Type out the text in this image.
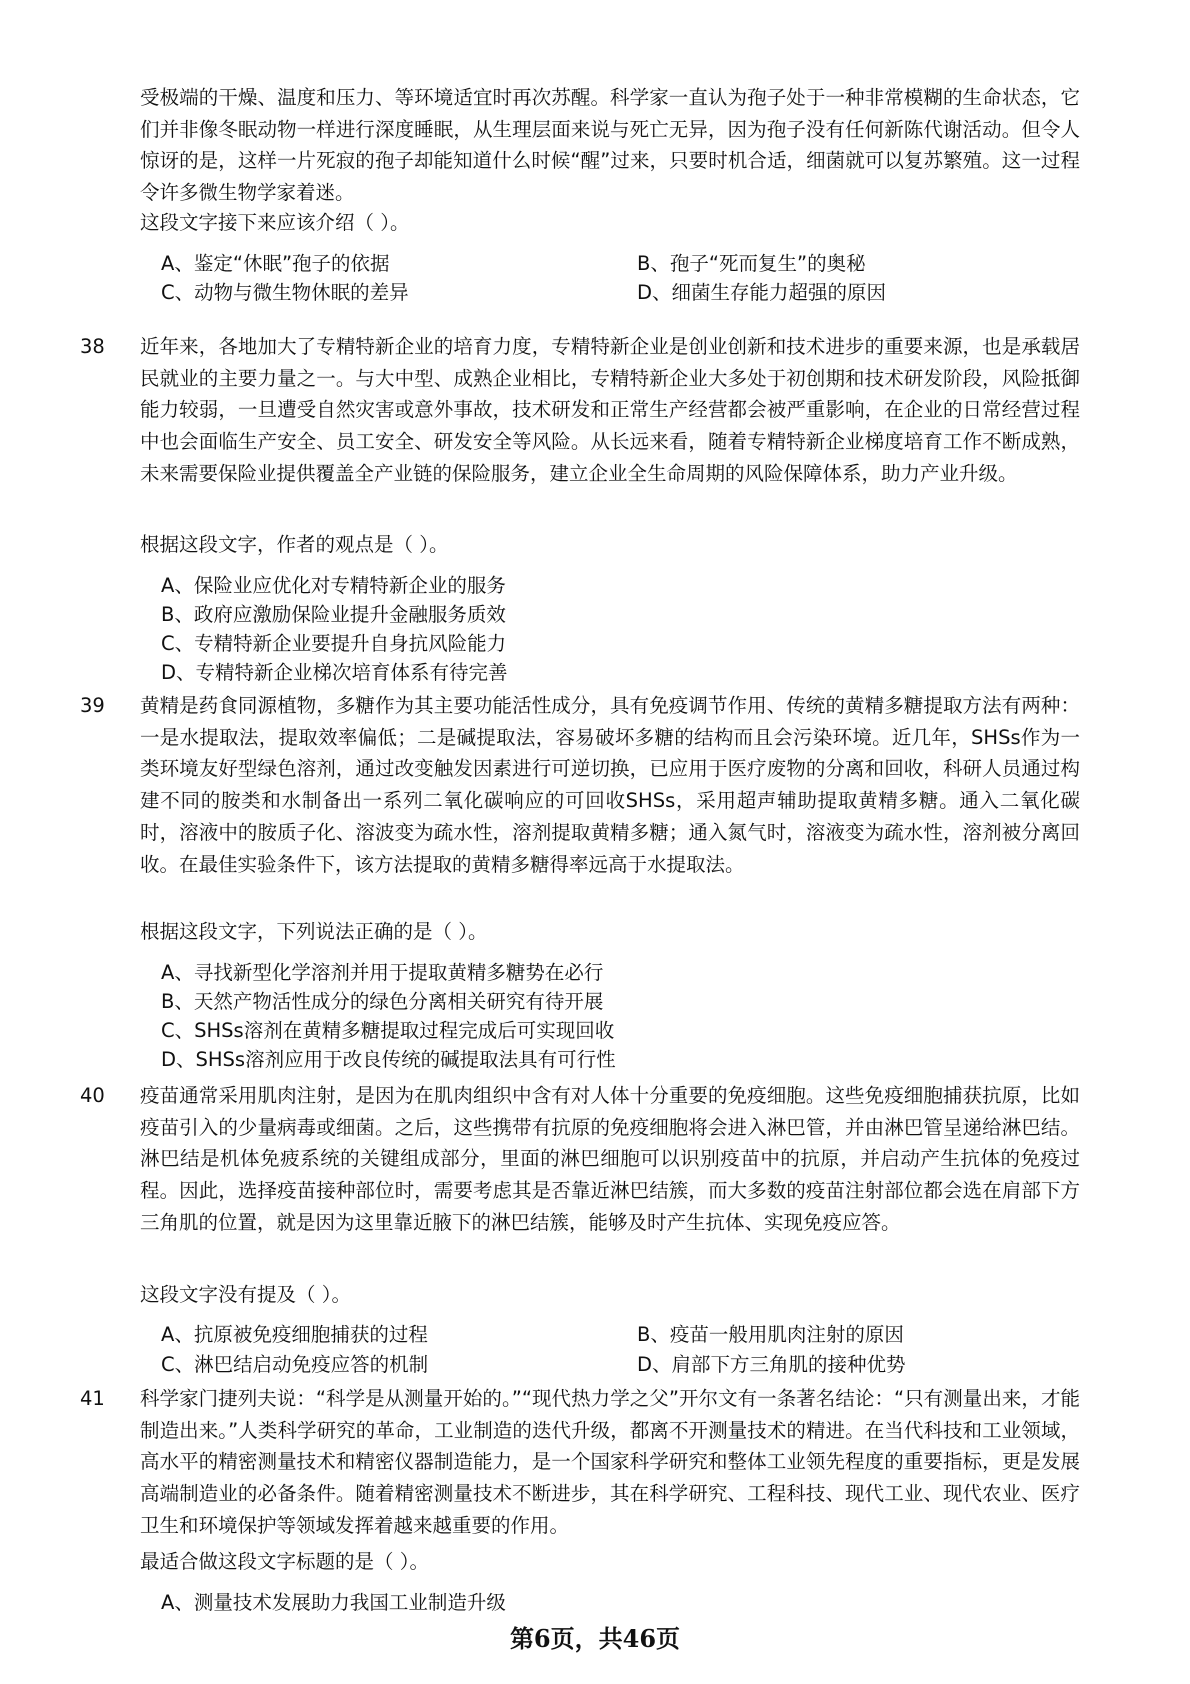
受极端的干燥、温度和压力、等环境适宜时再次苏醒。科学家一直认为孢子处于一种非常模糊的生命状态，它们并非像冬眠动物一样进行深度睡眠，从生理层面来说与死亡无异，因为孢子没有任何新陈代谢活动。但令人惊讶的是，这样一片死寂的孢子却能知道什么时候“醒”过来，只要时机合适，细菌就可以复苏繁殖。这一过程令许多微生物学家着迷。
这段文字接下来应该介绍（ ）。
A、鉴定“休眠”孢子的依据	B、孢子“死而复生”的奥秘
C、动物与微生物休眠的差异	D、细菌生存能力超强的原因
38 近年来，各地加大了专精特新企业的培育力度，专精特新企业是创业创新和技术进步的重要来源，也是承载居民就业的主要力量之一。与大中型、成熟企业相比，专精特新企业大多处于初创期和技术研发阶段，风险抵御能力较弱，一旦遭受自然灾害或意外事故，技术研发和正常生产经营都会被严重影响，在企业的日常经营过程中也会面临生产安全、员工安全、研发安全等风险。从长远来看，随着专精特新企业梯度培育工作不断成熟，未来需要保险业提供覆盖全产业链的保险服务，建立企业全生命周期的风险保障体系，助力产业升级。
根据这段文字，作者的观点是（ ）。
A、保险业应优化对专精特新企业的服务
B、政府应激励保险业提升金融服务质效
C、专精特新企业要提升自身抗风险能力
D、专精特新企业梯次培育体系有待完善
39 黄精是药食同源植物，多糖作为其主要功能活性成分，具有免疫调节作用、传统的黄精多糖提取方法有两种：一是水提取法，提取效率偏低；二是碱提取法，容易破坏多糖的结构而且会污染环境。近几年，SHSs作为一类环境友好型绿色溶剂，通过改变触发因素进行可逆切换，已应用于医疗废物的分离和回收，科研人员通过构建不同的胺类和水制备出一系列二氧化碳响应的可回收SHSs，采用超声辅助提取黄精多糖。通入二氧化碳时，溶液中的胺质子化、溶波变为疏水性，溶剂提取黄精多糖；通入氮气时，溶液变为疏水性，溶剂被分离回收。在最佳实验条件下，该方法提取的黄精多糖得率远高于水提取法。
根据这段文字，下列说法正确的是（ ）。
A、寻找新型化学溶剂并用于提取黄精多糖势在必行
B、天然产物活性成分的绿色分离相关研究有待开展
C、SHSs溶剂在黄精多糖提取过程完成后可实现回收
D、SHSs溶剂应用于改良传统的碱提取法具有可行性
40 疫苗通常采用肌肉注射，是因为在肌肉组织中含有对人体十分重要的免疫细胞。这些免疫细胞捕获抗原，比如疫苗引入的少量病毒或细菌。之后，这些携带有抗原的免疫细胞将会进入淋巴管，并由淋巴管呈递给淋巴结。淋巴结是机体免疲系统的关键组成部分，里面的淋巴细胞可以识别疫苗中的抗原，并启动产生抗体的免疫过程。因此，选择疫苗接种部位时，需要考虑其是否靠近淋巴结簇，而大多数的疫苗注射部位都会选在肩部下方三角肌的位置，就是因为这里靠近腋下的淋巴结簇，能够及时产生抗体、实现免疫应答。
这段文字没有提及（ ）。
A、抗原被免疫细胞捕获的过程	B、疫苗一般用肌肉注射的原因
C、淋巴结启动免疫应答的机制	D、肩部下方三角肌的接种优势
41 科学家门捷列夫说：“科学是从测量开始的。”“现代热力学之父”开尔文有一条著名结论：“只有测量出来，才能制造出来。”人类科学研究的革命，工业制造的迭代升级，都离不开测量技术的精进。在当代科技和工业领域，高水平的精密测量技术和精密仪器制造能力，是一个国家科学研究和整体工业领先程度的重要指标，更是发展高端制造业的必备条件。随着精密测量技术不断进步，其在科学研究、工程科技、现代工业、现代农业、医疗卫生和环境保护等领域发挥着越来越重要的作用。
最适合做这段文字标题的是（ ）。
A、测量技术发展助力我国工业制造升级
第6页，共46页
